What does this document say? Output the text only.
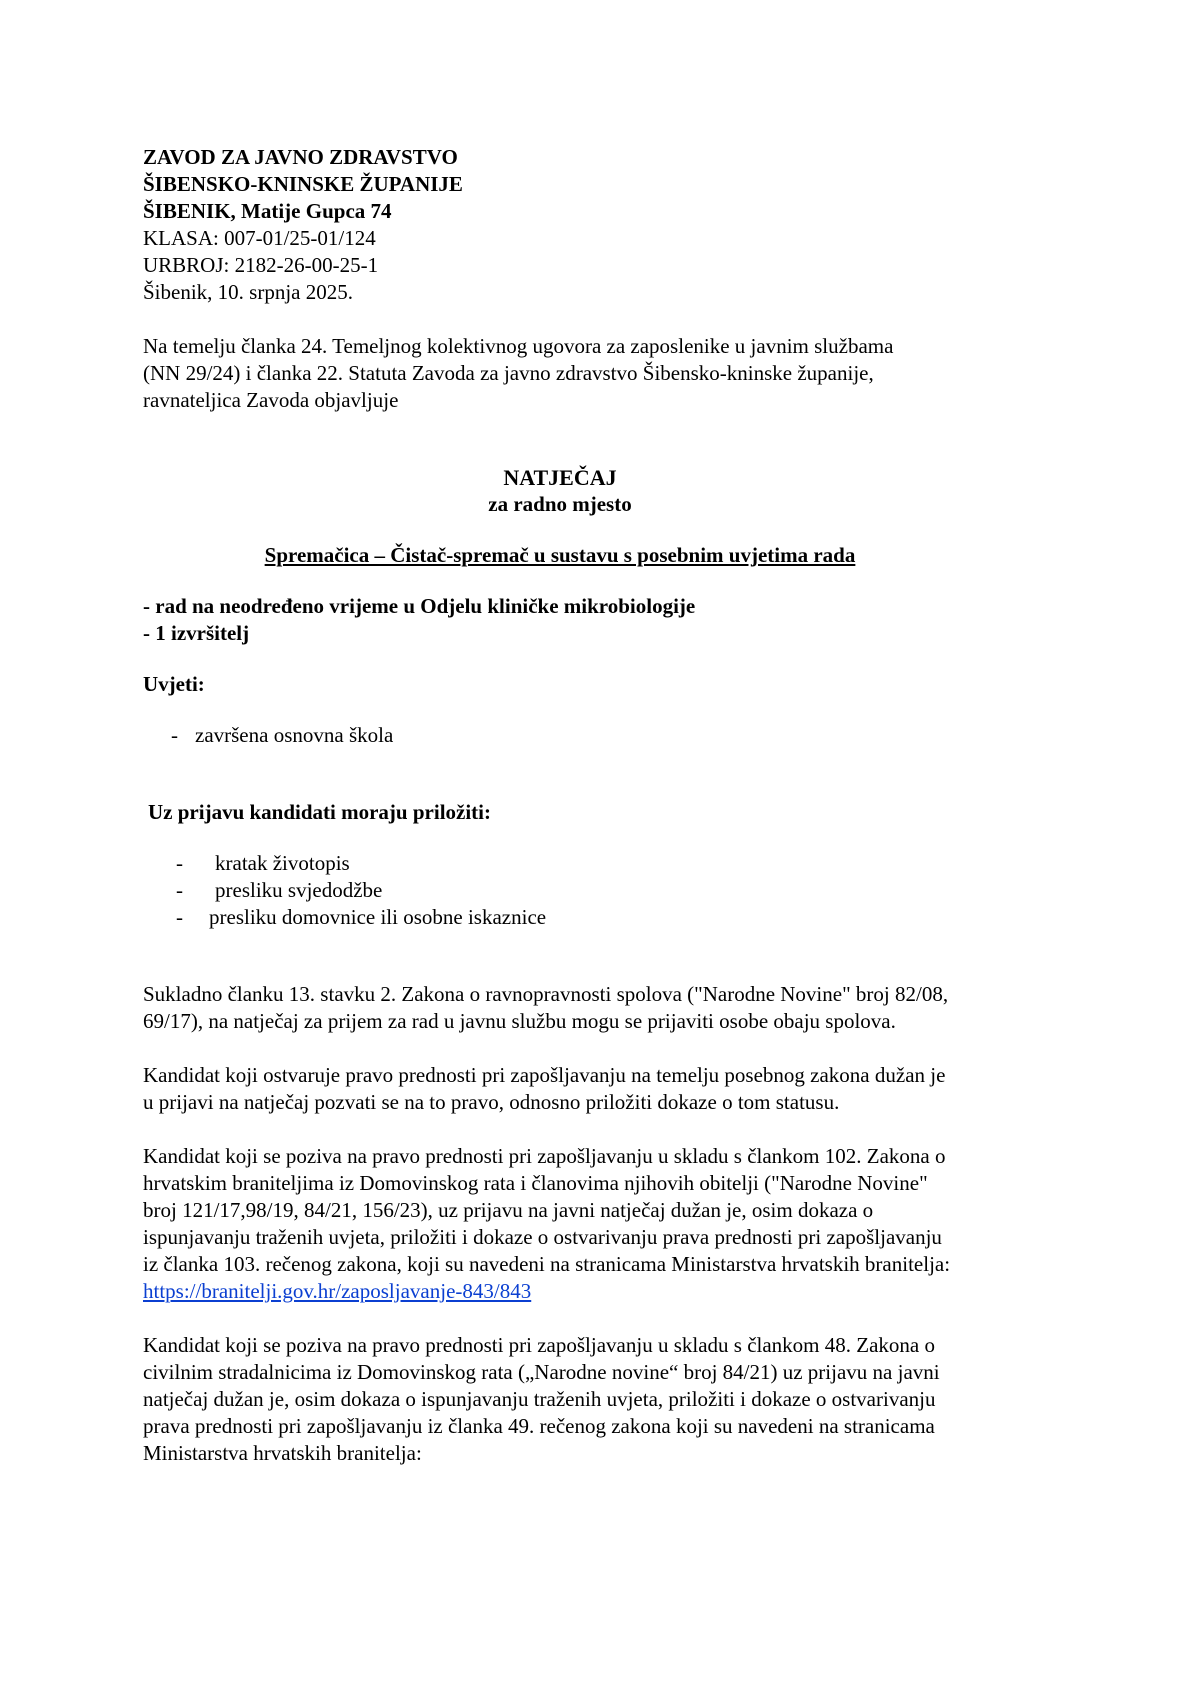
ZAVOD ZA JAVNO ZDRAVSTVO
ŠIBENSKO-KNINSKE ŽUPANIJE
ŠIBENIK, Matije Gupca 74
KLASA: 007-01/25-01/124
URBROJ: 2182-26-00-25-1
Šibenik, 10. srpnja 2025.
Na temelju članka 24. Temeljnog kolektivnog ugovora za zaposlenike u javnim službama
(NN 29/24) i članka 22. Statuta Zavoda za javno zdravstvo Šibensko-kninske županije,
ravnateljica Zavoda objavljuje
NATJEČAJ
za radno mjesto
Spremačica – Čistač-spremač u sustavu s posebnim uvjetima rada
- rad na neodređeno vrijeme u Odjelu kliničke mikrobiologije
- 1 izvršitelj
Uvjeti:
- završena osnovna škola
Uz prijavu kandidati moraju priložiti:
- kratak životopis
- presliku svjedodžbe
- presliku domovnice ili osobne iskaznice
Sukladno članku 13. stavku 2. Zakona o ravnopravnosti spolova ("Narodne Novine" broj 82/08,
69/17), na natječaj za prijem za rad u javnu službu mogu se prijaviti osobe obaju spolova.
Kandidat koji ostvaruje pravo prednosti pri zapošljavanju na temelju posebnog zakona dužan je
u prijavi na natječaj pozvati se na to pravo, odnosno priložiti dokaze o tom statusu.
Kandidat koji se poziva na pravo prednosti pri zapošljavanju u skladu s člankom 102. Zakona o
hrvatskim braniteljima iz Domovinskog rata i članovima njihovih obitelji ("Narodne Novine"
broj 121/17,98/19, 84/21, 156/23), uz prijavu na javni natječaj dužan je, osim dokaza o
ispunjavanju traženih uvjeta, priložiti i dokaze o ostvarivanju prava prednosti pri zapošljavanju
iz članka 103. rečenog zakona, koji su navedeni na stranicama Ministarstva hrvatskih branitelja:
https://branitelji.gov.hr/zaposljavanje-843/843
Kandidat koji se poziva na pravo prednosti pri zapošljavanju u skladu s člankom 48. Zakona o
civilnim stradalnicima iz Domovinskog rata („Narodne novine“ broj 84/21) uz prijavu na javni
natječaj dužan je, osim dokaza o ispunjavanju traženih uvjeta, priložiti i dokaze o ostvarivanju
prava prednosti pri zapošljavanju iz članka 49. rečenog zakona koji su navedeni na stranicama
Ministarstva hrvatskih branitelja:
